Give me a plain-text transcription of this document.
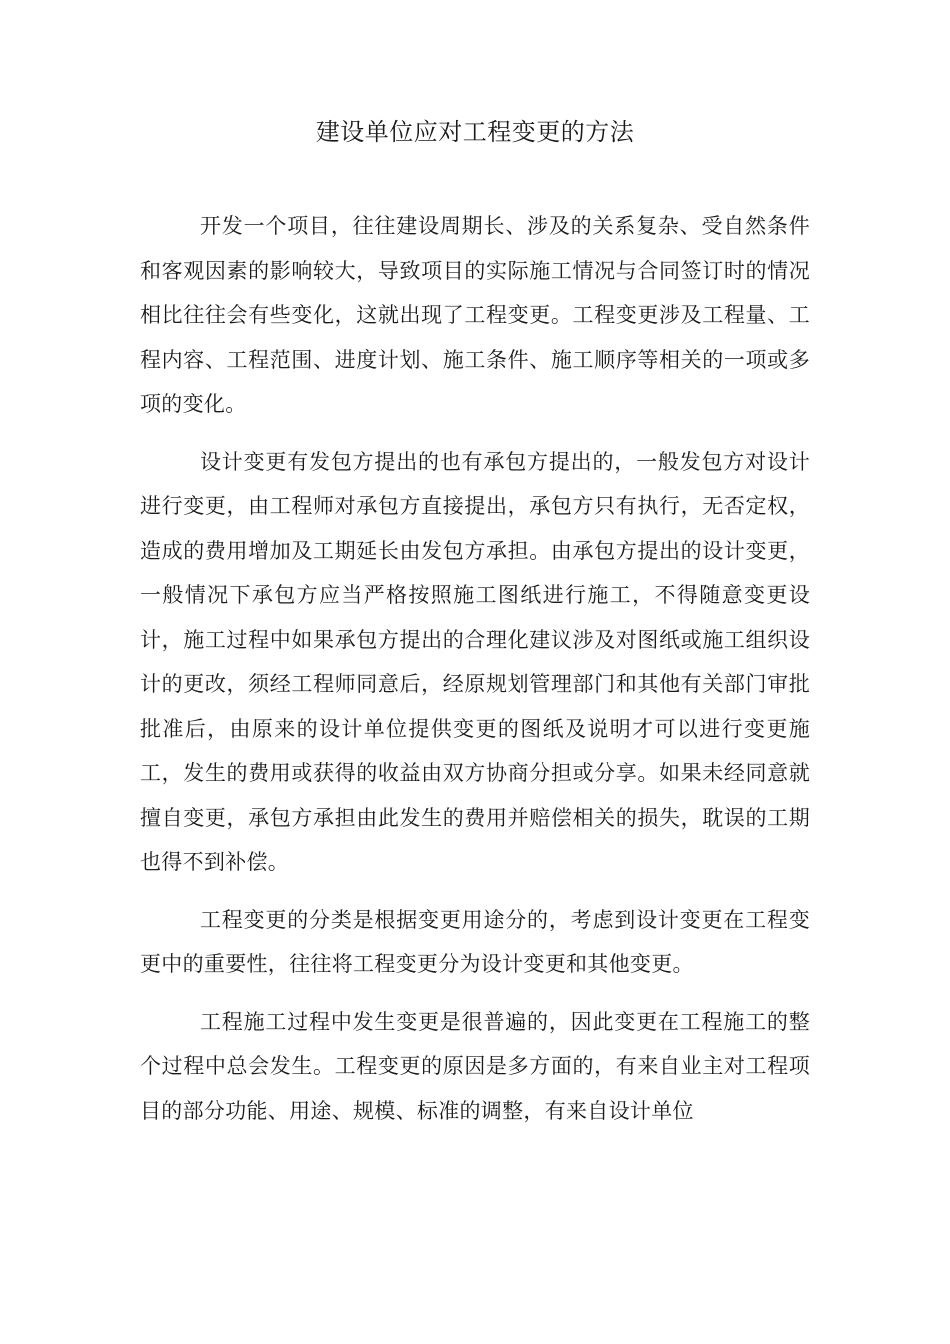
建设单位应对工程变更的方法

开发一个项目，往往建设周期长、涉及的关系复杂、受自然条件和客观因素的影响较大，导致项目的实际施工情况与合同签订时的情况相比往往会有些变化，这就出现了工程变更。工程变更涉及工程量、工程内容、工程范围、进度计划、施工条件、施工顺序等相关的一项或多项的变化。

设计变更有发包方提出的也有承包方提出的，一般发包方对设计进行变更，由工程师对承包方直接提出，承包方只有执行，无否定权，造成的费用增加及工期延长由发包方承担。由承包方提出的设计变更，一般情况下承包方应当严格按照施工图纸进行施工，不得随意变更设计，施工过程中如果承包方提出的合理化建议涉及对图纸或施工组织设计的更改，须经工程师同意后，经原规划管理部门和其他有关部门审批批准后，由原来的设计单位提供变更的图纸及说明才可以进行变更施工，发生的费用或获得的收益由双方协商分担或分享。如果未经同意就擅自变更，承包方承担由此发生的费用并赔偿相关的损失，耽误的工期也得不到补偿。

工程变更的分类是根据变更用途分的，考虑到设计变更在工程变更中的重要性，往往将工程变更分为设计变更和其他变更。

工程施工过程中发生变更是很普遍的，因此变更在工程施工的整个过程中总会发生。工程变更的原因是多方面的，有来自业主对工程项目的部分功能、用途、规模、标准的调整，有来自设计单位
